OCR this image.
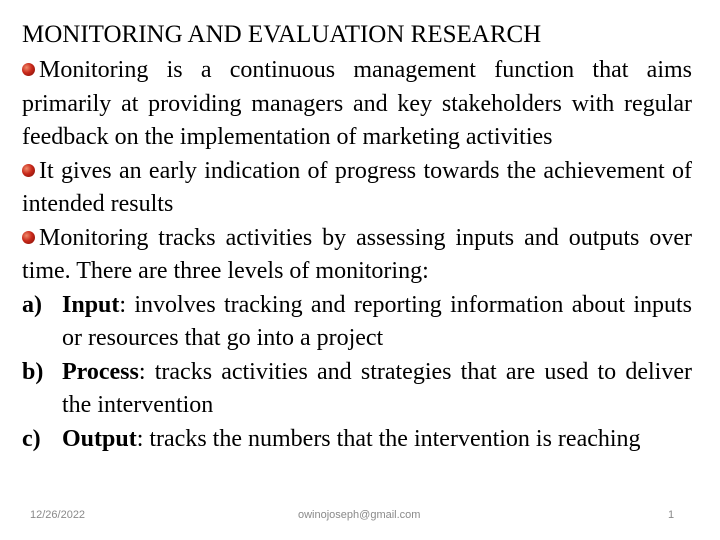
MONITORING AND EVALUATION RESEARCH
Monitoring is a continuous management function that aims primarily at providing managers and key stakeholders with regular feedback on the implementation of marketing activities
It gives an early indication of progress towards the achievement of intended results
Monitoring tracks activities by assessing inputs and outputs over time. There are three levels of monitoring:
a) Input: involves tracking and reporting information about inputs or resources that go into a project
b) Process: tracks activities and strategies that are used to deliver the intervention
c) Output: tracks the numbers that the intervention is reaching
12/26/2022	owinojoseph@gmail.com	1
